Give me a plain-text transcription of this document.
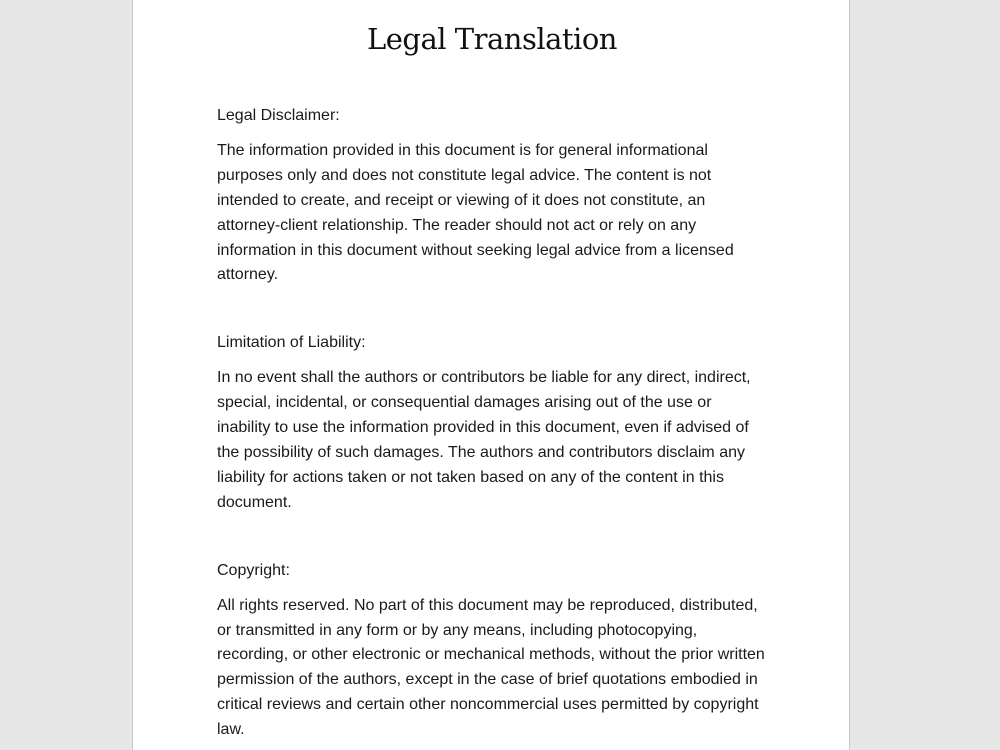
Legal Translation

Legal Disclaimer:

The information provided in this document is for general informational purposes only and does not constitute legal advice. The content is not intended to create, and receipt or viewing of it does not constitute, an attorney-client relationship. The reader should not act or rely on any information in this document without seeking legal advice from a licensed attorney.

Limitation of Liability:

In no event shall the authors or contributors be liable for any direct, indirect, special, incidental, or consequential damages arising out of the use or inability to use the information provided in this document, even if advised of the possibility of such damages. The authors and contributors disclaim any liability for actions taken or not taken based on any of the content in this document.

Copyright:

All rights reserved. No part of this document may be reproduced, distributed, or transmitted in any form or by any means, including photocopying, recording, or other electronic or mechanical methods, without the prior written permission of the authors, except in the case of brief quotations embodied in critical reviews and certain other noncommercial uses permitted by copyright law.
